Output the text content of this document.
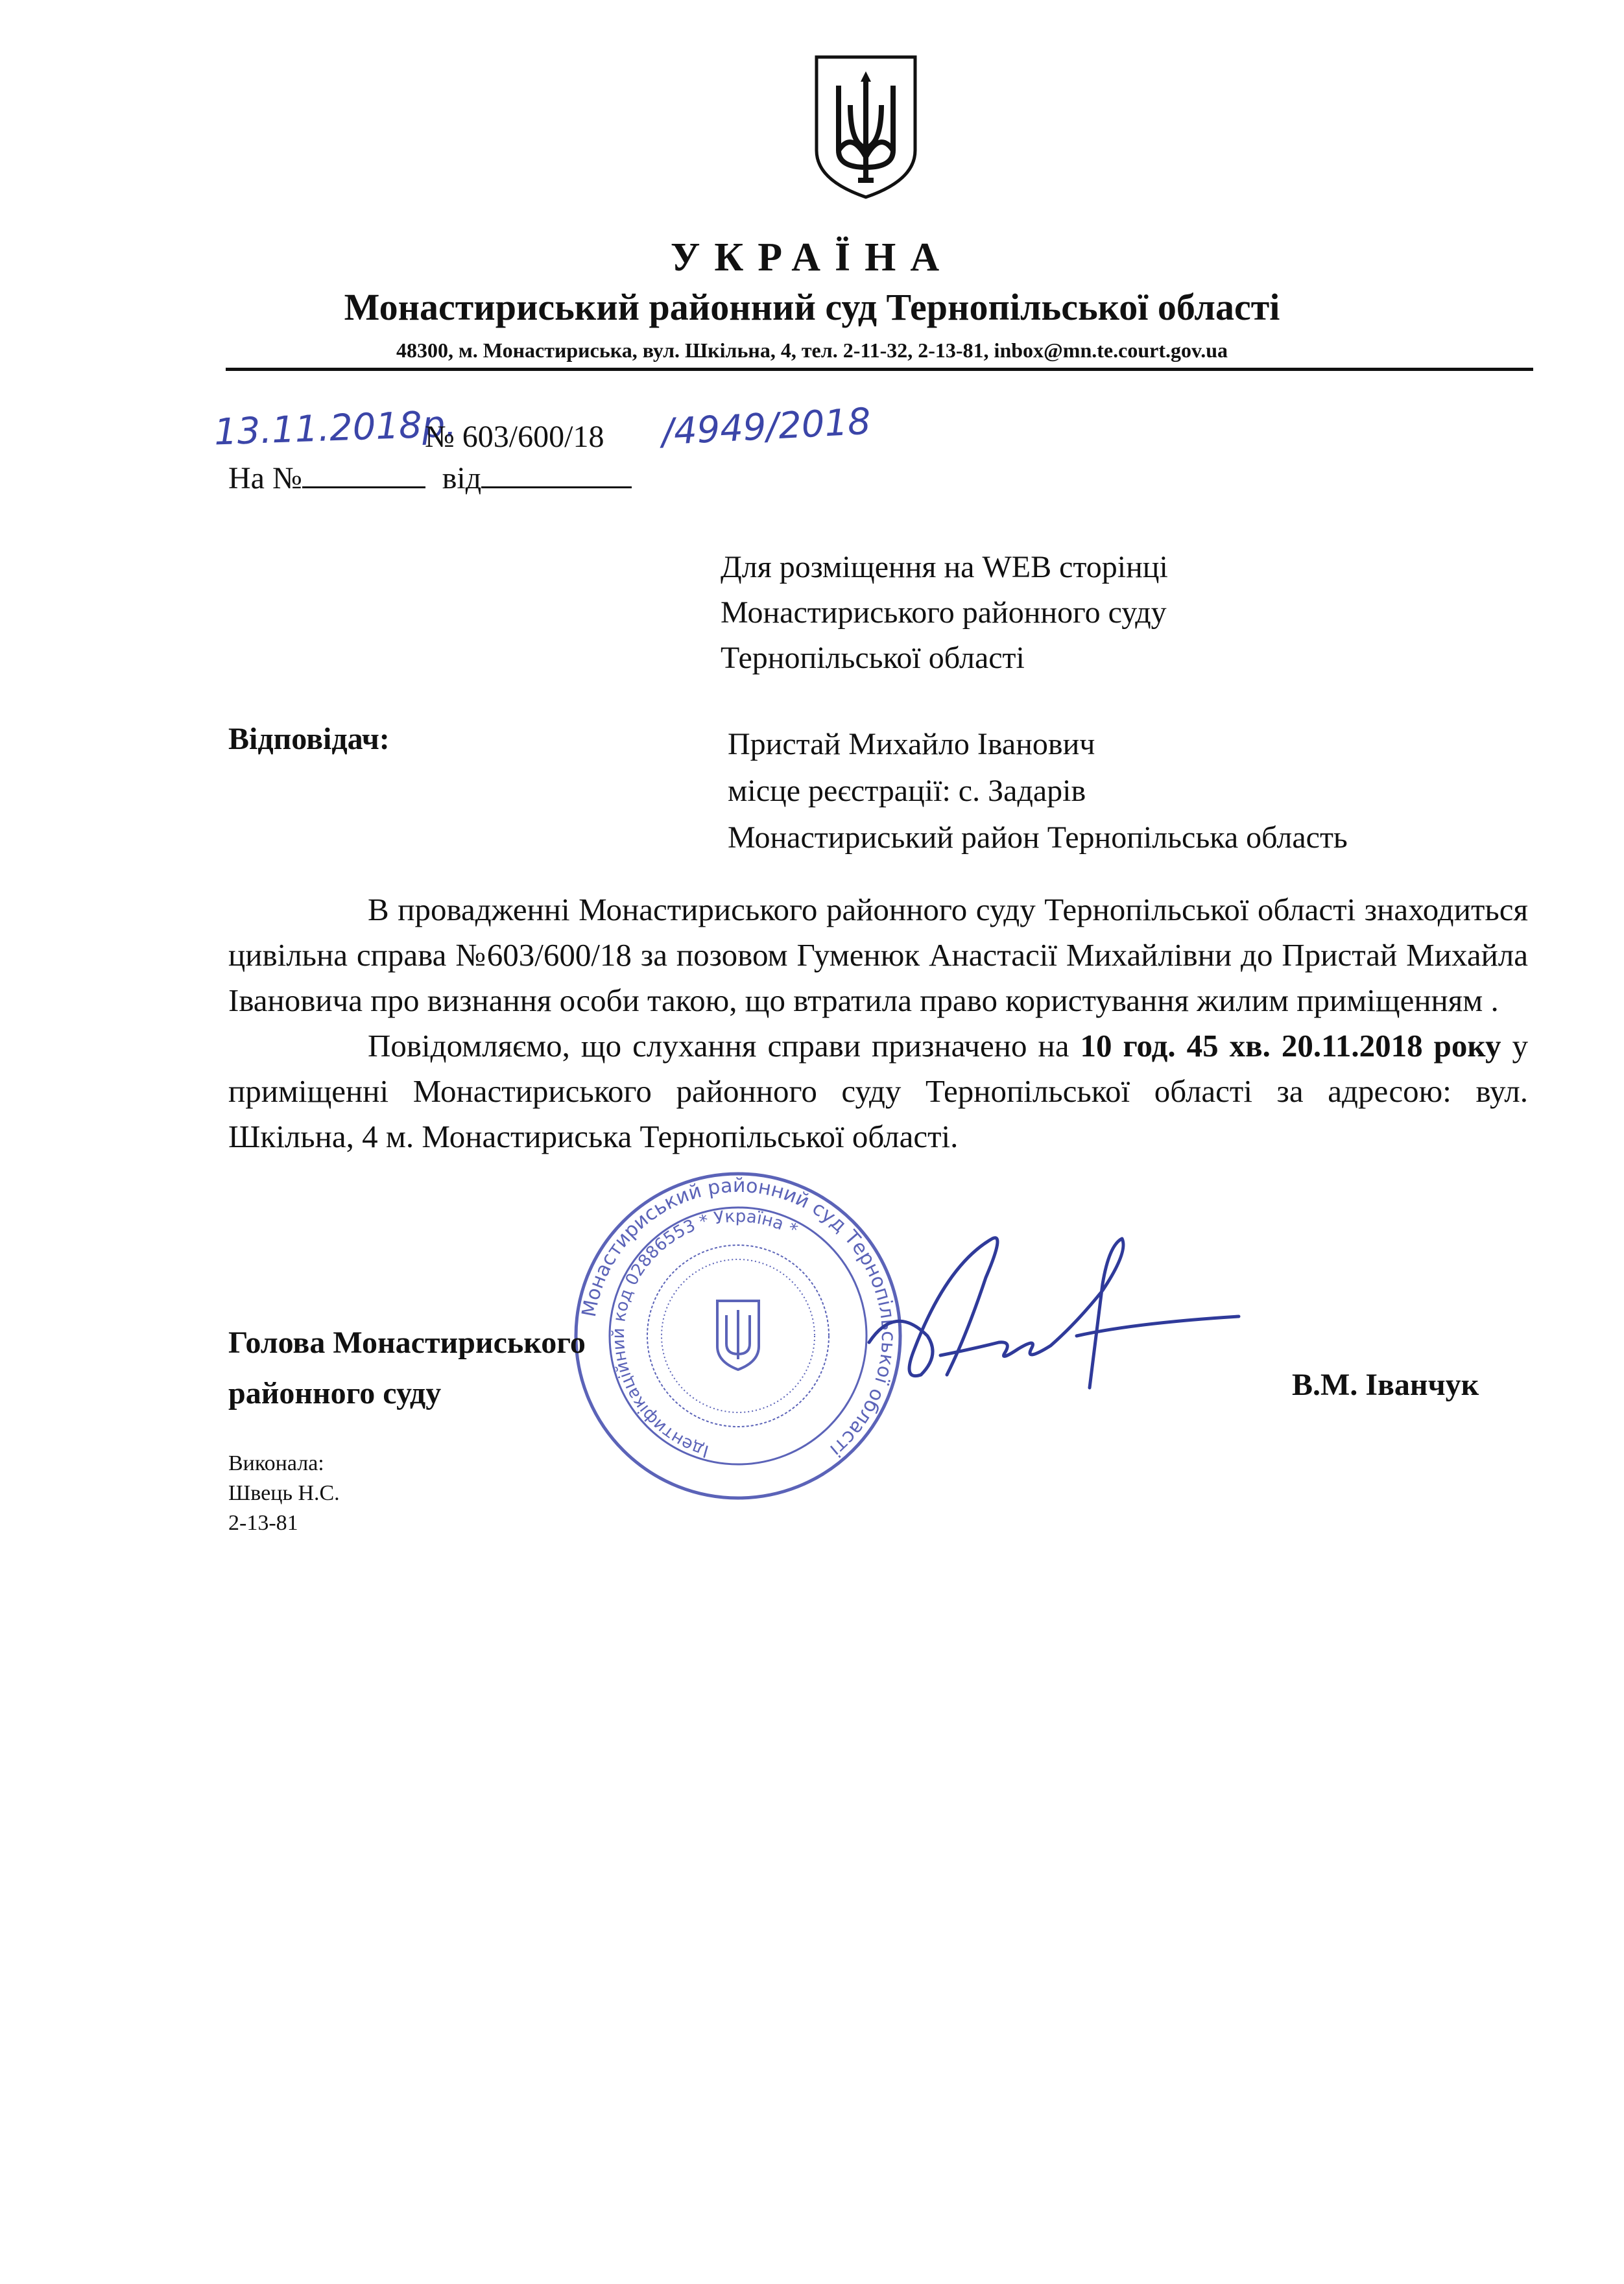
УКРАЇНА
Монастириський районний суд Тернопільської області
48300, м. Монастириська, вул. Шкільна, 4, тел. 2-11-32, 2-13-81, inbox@mn.te.court.gov.ua
13.11.2018р.
№ 603/600/18 /4949/2018
На №	від
Для розміщення на WEB сторінці
Монастириського районного суду
Тернопільської області
Відповідач:	Пристай Михайло Іванович
місце реєстрації: с. Задарів
Монастириський район Тернопільська область

В провадженні Монастириського районного суду Тернопільської області знаходиться цивільна справа №603/600/18 за позовом Гуменюк Анастасії Михайлівни до Пристай Михайла Івановича про визнання особи такою, що втратила право користування жилим приміщенням .

Повідомляємо, що слухання справи призначено на 10 год. 45 хв. 20.11.2018 року у приміщенні Монастириського районного суду Тернопільської області за адресою: вул. Шкільна, 4 м. Монастириська Тернопільської області.

Монастириський районний суд Тернопільської області
Ідентифікаційний код 02886553 * Україна *
Голова Монастириського
районного суду	В.М. Іванчук
Виконала:
Швець Н.С.
2-13-81
